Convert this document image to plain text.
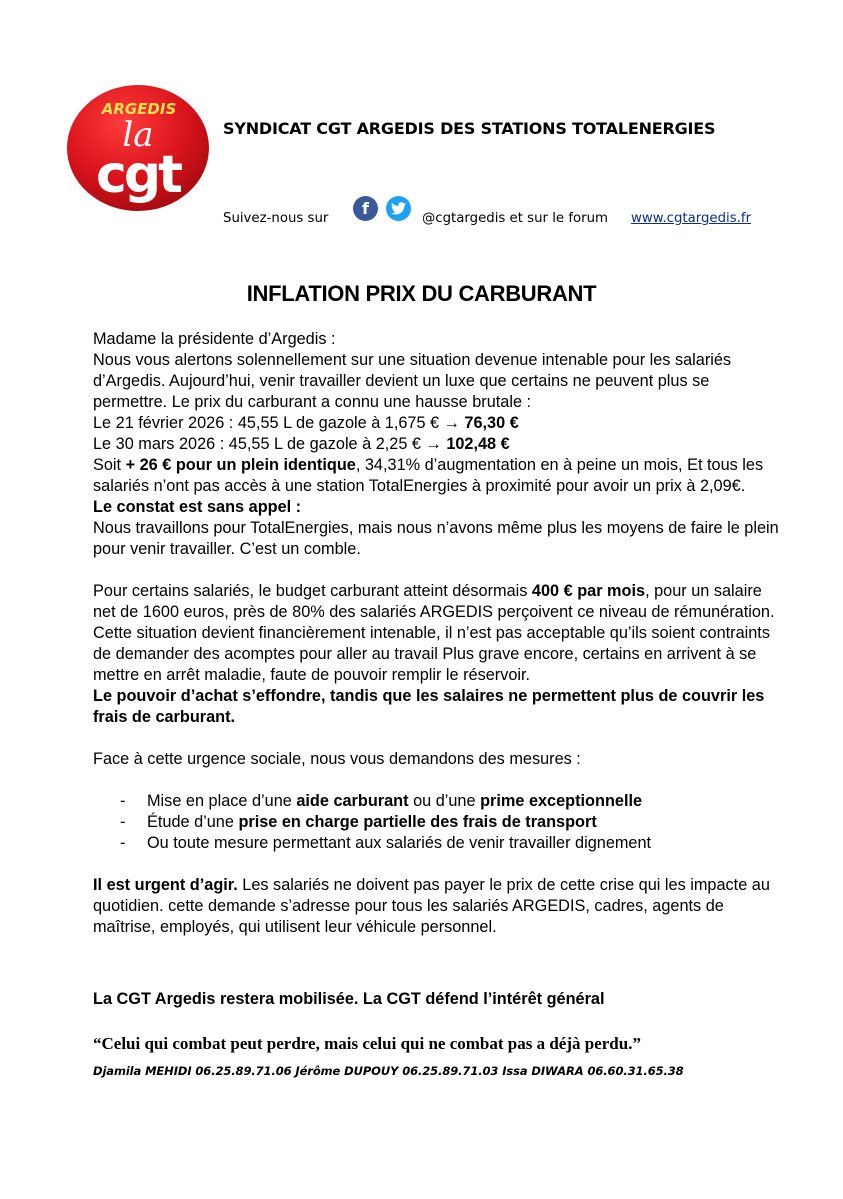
ARGEDIS
la
cgt
SYNDICAT CGT ARGEDIS DES STATIONS TOTALENERGIES
Suivez-nous sur
f
@cgtargedis et sur le forum www.cgtargedis.fr
INFLATION PRIX DU CARBURANT

Madame la présidente d’Argedis :

Nous vous alertons solennellement sur une situation devenue intenable pour les salariés d’Argedis. Aujourd’hui, venir travailler devient un luxe que certains ne peuvent plus se permettre. Le prix du carburant a connu une hausse brutale :

Le 21 février 2026 : 45,55 L de gazole à 1,675 € → 76,30 €

Le 30 mars 2026 : 45,55 L de gazole à 2,25 € → 102,48 €

Soit + 26 € pour un plein identique, 34,31% d’augmentation en à peine un mois, Et tous les salariés n’ont pas accès à une station TotalEnergies à proximité pour avoir un prix à 2,09€.

Le constat est sans appel :

Nous travaillons pour TotalEnergies, mais nous n’avons même plus les moyens de faire le plein pour venir travailler. C’est un comble.

Pour certains salariés, le budget carburant atteint désormais 400 € par mois, pour un salaire net de 1600 euros, près de 80% des salariés ARGEDIS perçoivent ce niveau de rémunération. Cette situation devient financièrement intenable, il n’est pas acceptable qu’ils soient contraints de demander des acomptes pour aller au travail Plus grave encore, certains en arrivent à se mettre en arrêt maladie, faute de pouvoir remplir le réservoir.

Le pouvoir d’achat s’effondre, tandis que les salaires ne permettent plus de couvrir les frais de carburant.

Face à cette urgence sociale, nous vous demandons des mesures :

- Mise en place d’une aide carburant ou d’une prime exceptionnelle
- Étude d’une prise en charge partielle des frais de transport
- Ou toute mesure permettant aux salariés de venir travailler dignement

Il est urgent d’agir. Les salariés ne doivent pas payer le prix de cette crise qui les impacte au quotidien. cette demande s’adresse pour tous les salariés ARGEDIS, cadres, agents de maîtrise, employés, qui utilisent leur véhicule personnel.

La CGT Argedis restera mobilisée. La CGT défend l’intérêt général
“Celui qui combat peut perdre, mais celui qui ne combat pas a déjà perdu.”
Djamila MEHIDI 06.25.89.71.06 Jérôme DUPOUY 06.25.89.71.03 Issa DIWARA 06.60.31.65.38
